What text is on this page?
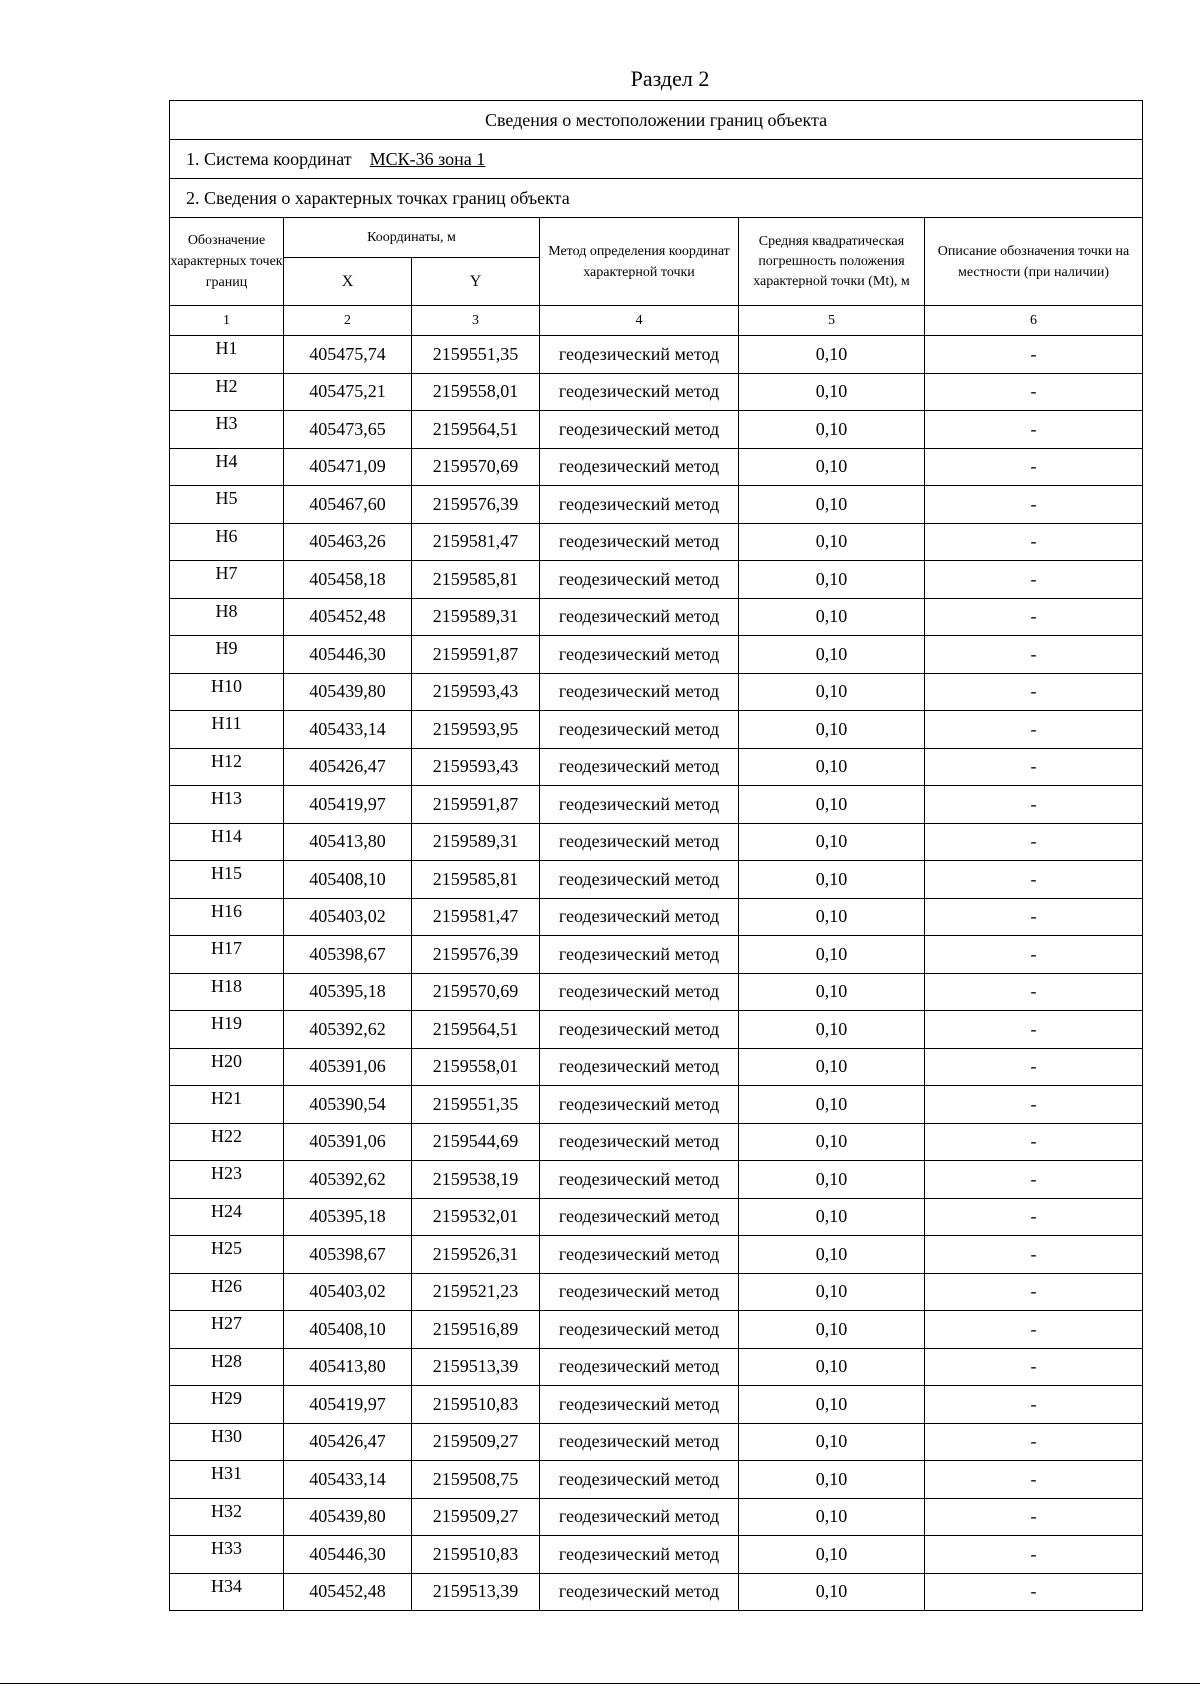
Раздел 2
Сведения о местоположении границ объекта					
1. Система координат МСК-36 зона 1					
2. Сведения о характерных точках границ объекта					
Обозначение характерных точек границ	Координаты, м		Метод определения координат характерной точки	Средняя квадратическая погрешность положения характерной точки (Mt), м	Описание обозначения точки на местности (при наличии)
	X	Y			
1	2	3	4	5	6
Н1	405475,74	2159551,35	геодезический метод	0,10	-
Н2	405475,21	2159558,01	геодезический метод	0,10	-
Н3	405473,65	2159564,51	геодезический метод	0,10	-
Н4	405471,09	2159570,69	геодезический метод	0,10	-
Н5	405467,60	2159576,39	геодезический метод	0,10	-
Н6	405463,26	2159581,47	геодезический метод	0,10	-
Н7	405458,18	2159585,81	геодезический метод	0,10	-
Н8	405452,48	2159589,31	геодезический метод	0,10	-
Н9	405446,30	2159591,87	геодезический метод	0,10	-
Н10	405439,80	2159593,43	геодезический метод	0,10	-
Н11	405433,14	2159593,95	геодезический метод	0,10	-
Н12	405426,47	2159593,43	геодезический метод	0,10	-
Н13	405419,97	2159591,87	геодезический метод	0,10	-
Н14	405413,80	2159589,31	геодезический метод	0,10	-
Н15	405408,10	2159585,81	геодезический метод	0,10	-
Н16	405403,02	2159581,47	геодезический метод	0,10	-
Н17	405398,67	2159576,39	геодезический метод	0,10	-
Н18	405395,18	2159570,69	геодезический метод	0,10	-
Н19	405392,62	2159564,51	геодезический метод	0,10	-
Н20	405391,06	2159558,01	геодезический метод	0,10	-
Н21	405390,54	2159551,35	геодезический метод	0,10	-
Н22	405391,06	2159544,69	геодезический метод	0,10	-
Н23	405392,62	2159538,19	геодезический метод	0,10	-
Н24	405395,18	2159532,01	геодезический метод	0,10	-
Н25	405398,67	2159526,31	геодезический метод	0,10	-
Н26	405403,02	2159521,23	геодезический метод	0,10	-
Н27	405408,10	2159516,89	геодезический метод	0,10	-
Н28	405413,80	2159513,39	геодезический метод	0,10	-
Н29	405419,97	2159510,83	геодезический метод	0,10	-
Н30	405426,47	2159509,27	геодезический метод	0,10	-
Н31	405433,14	2159508,75	геодезический метод	0,10	-
Н32	405439,80	2159509,27	геодезический метод	0,10	-
Н33	405446,30	2159510,83	геодезический метод	0,10	-
Н34	405452,48	2159513,39	геодезический метод	0,10	-
